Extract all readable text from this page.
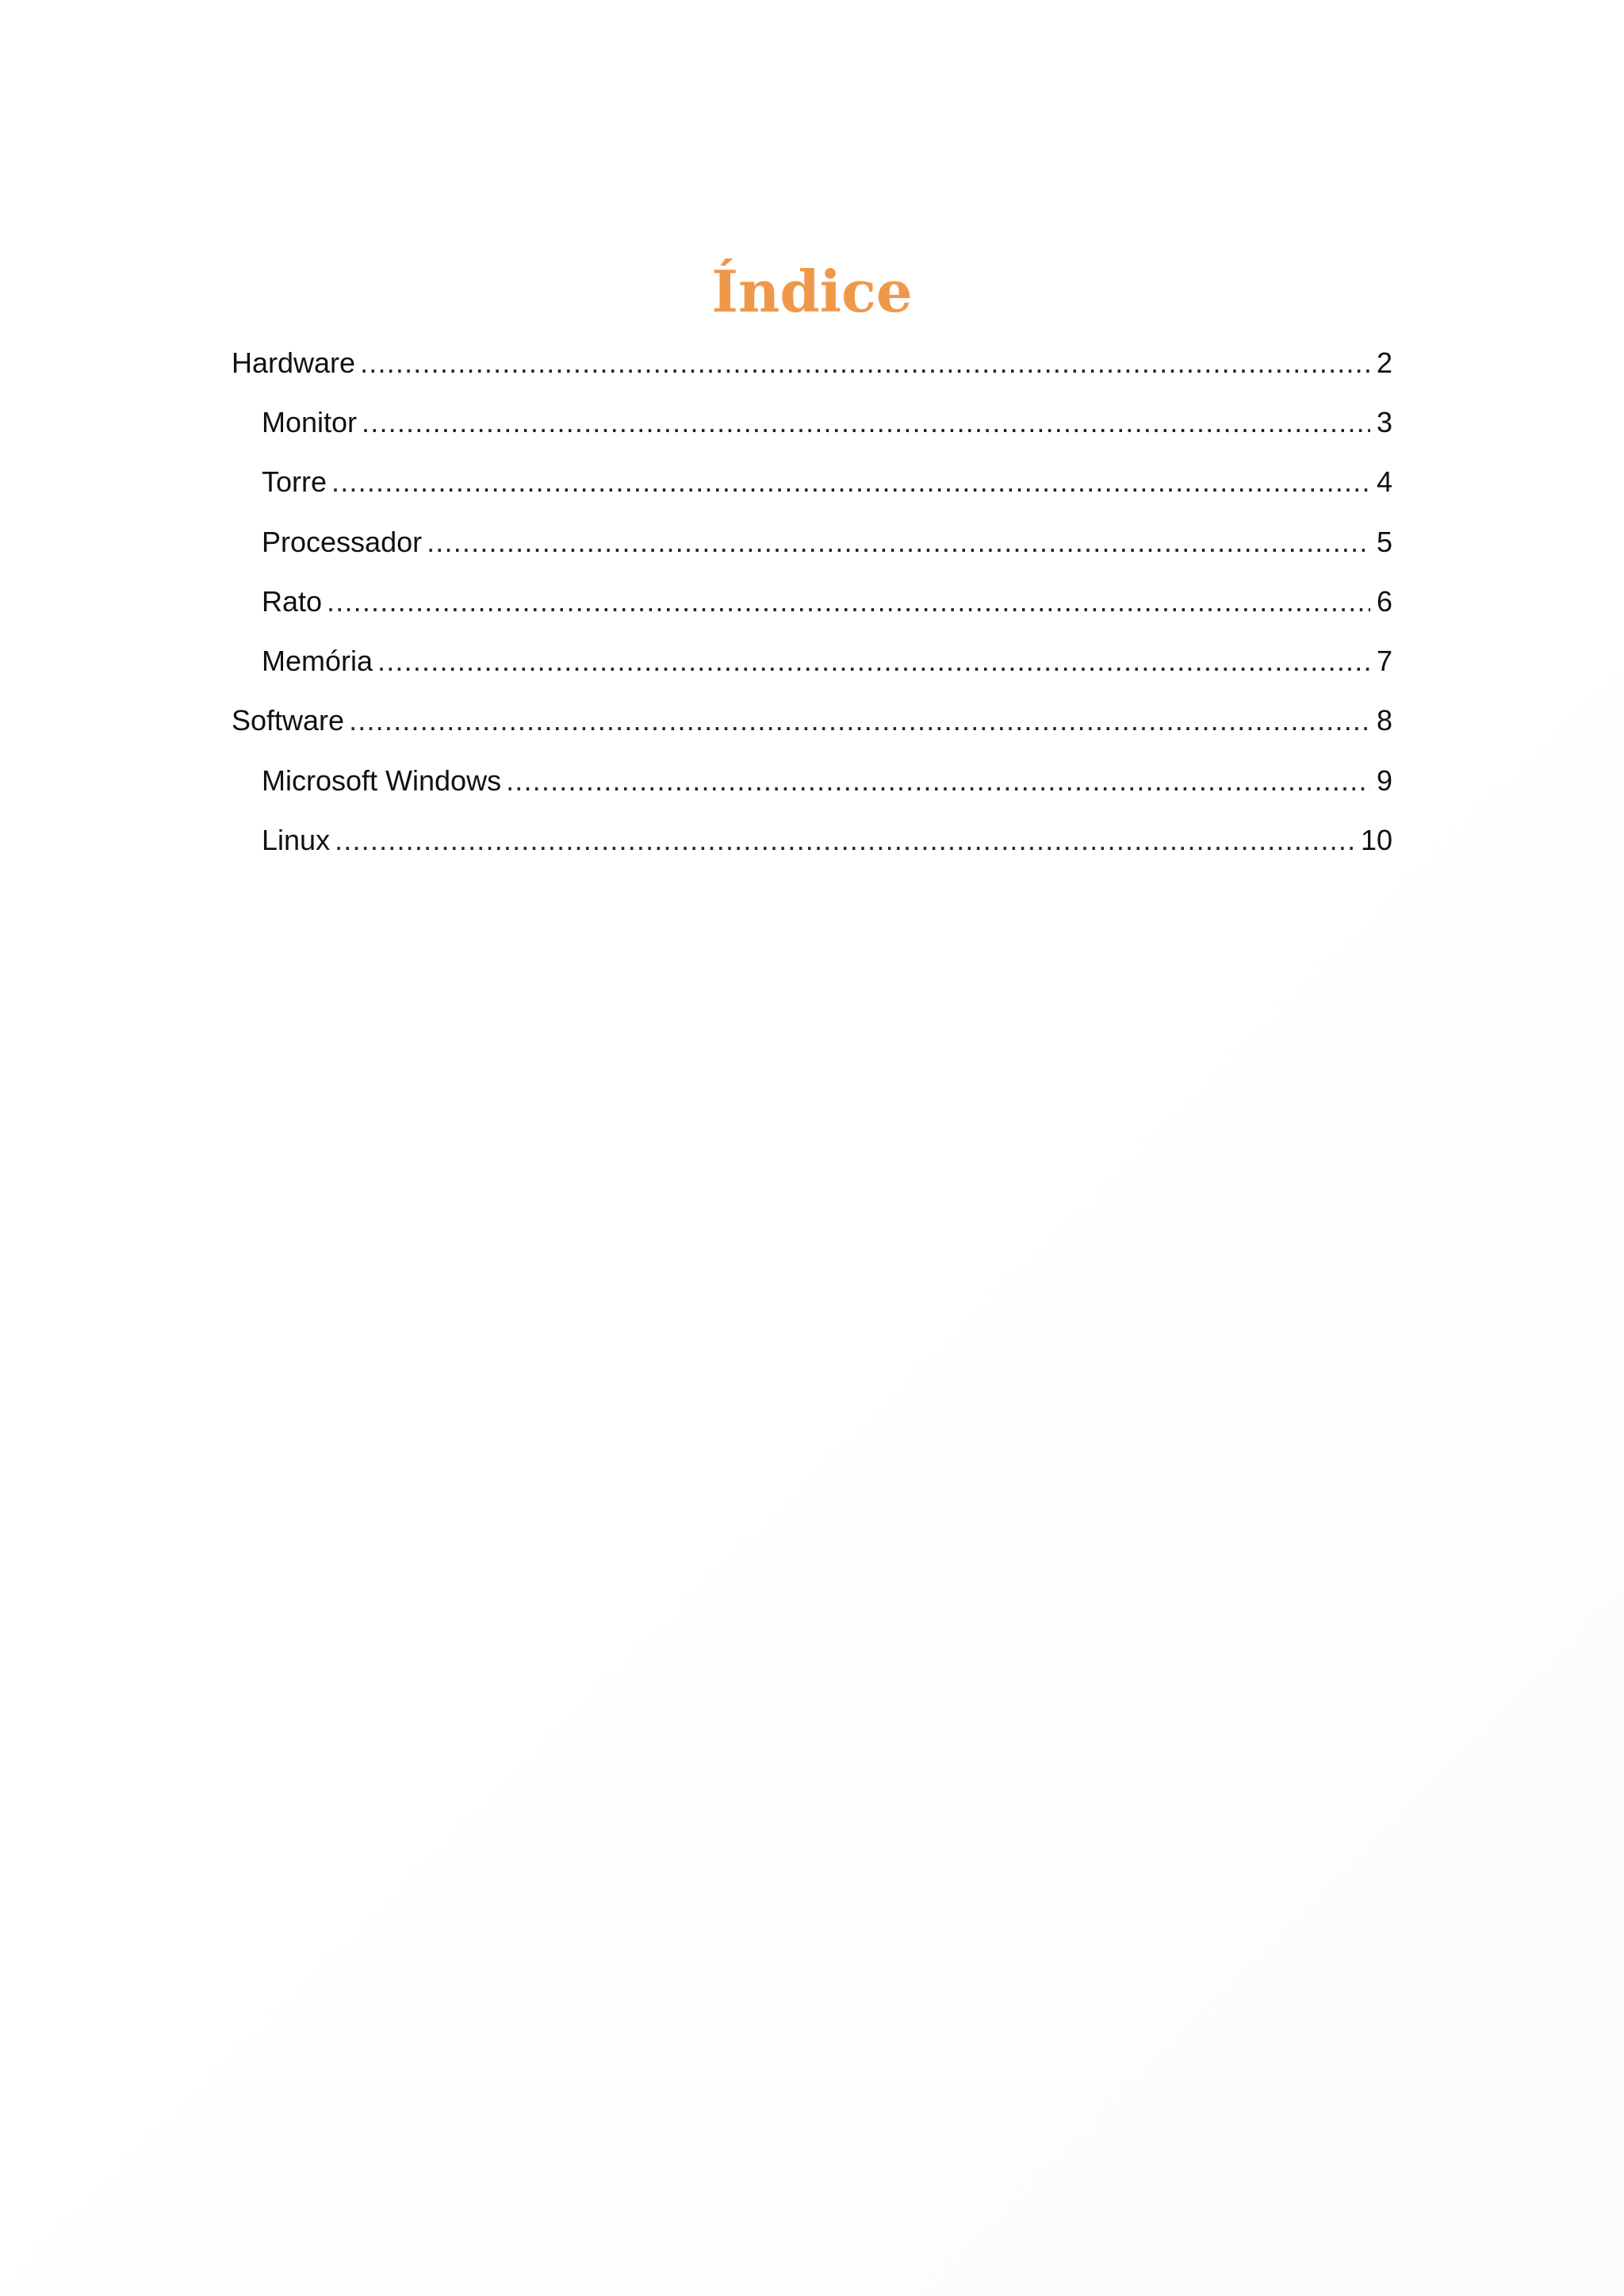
Índice
Hardware .....	2
Monitor .....	3
Torre .....	4
Processador .....	5
Rato .....	6
Memória .....	7
Software .....	8
Microsoft Windows .....	9
Linux .....	10
